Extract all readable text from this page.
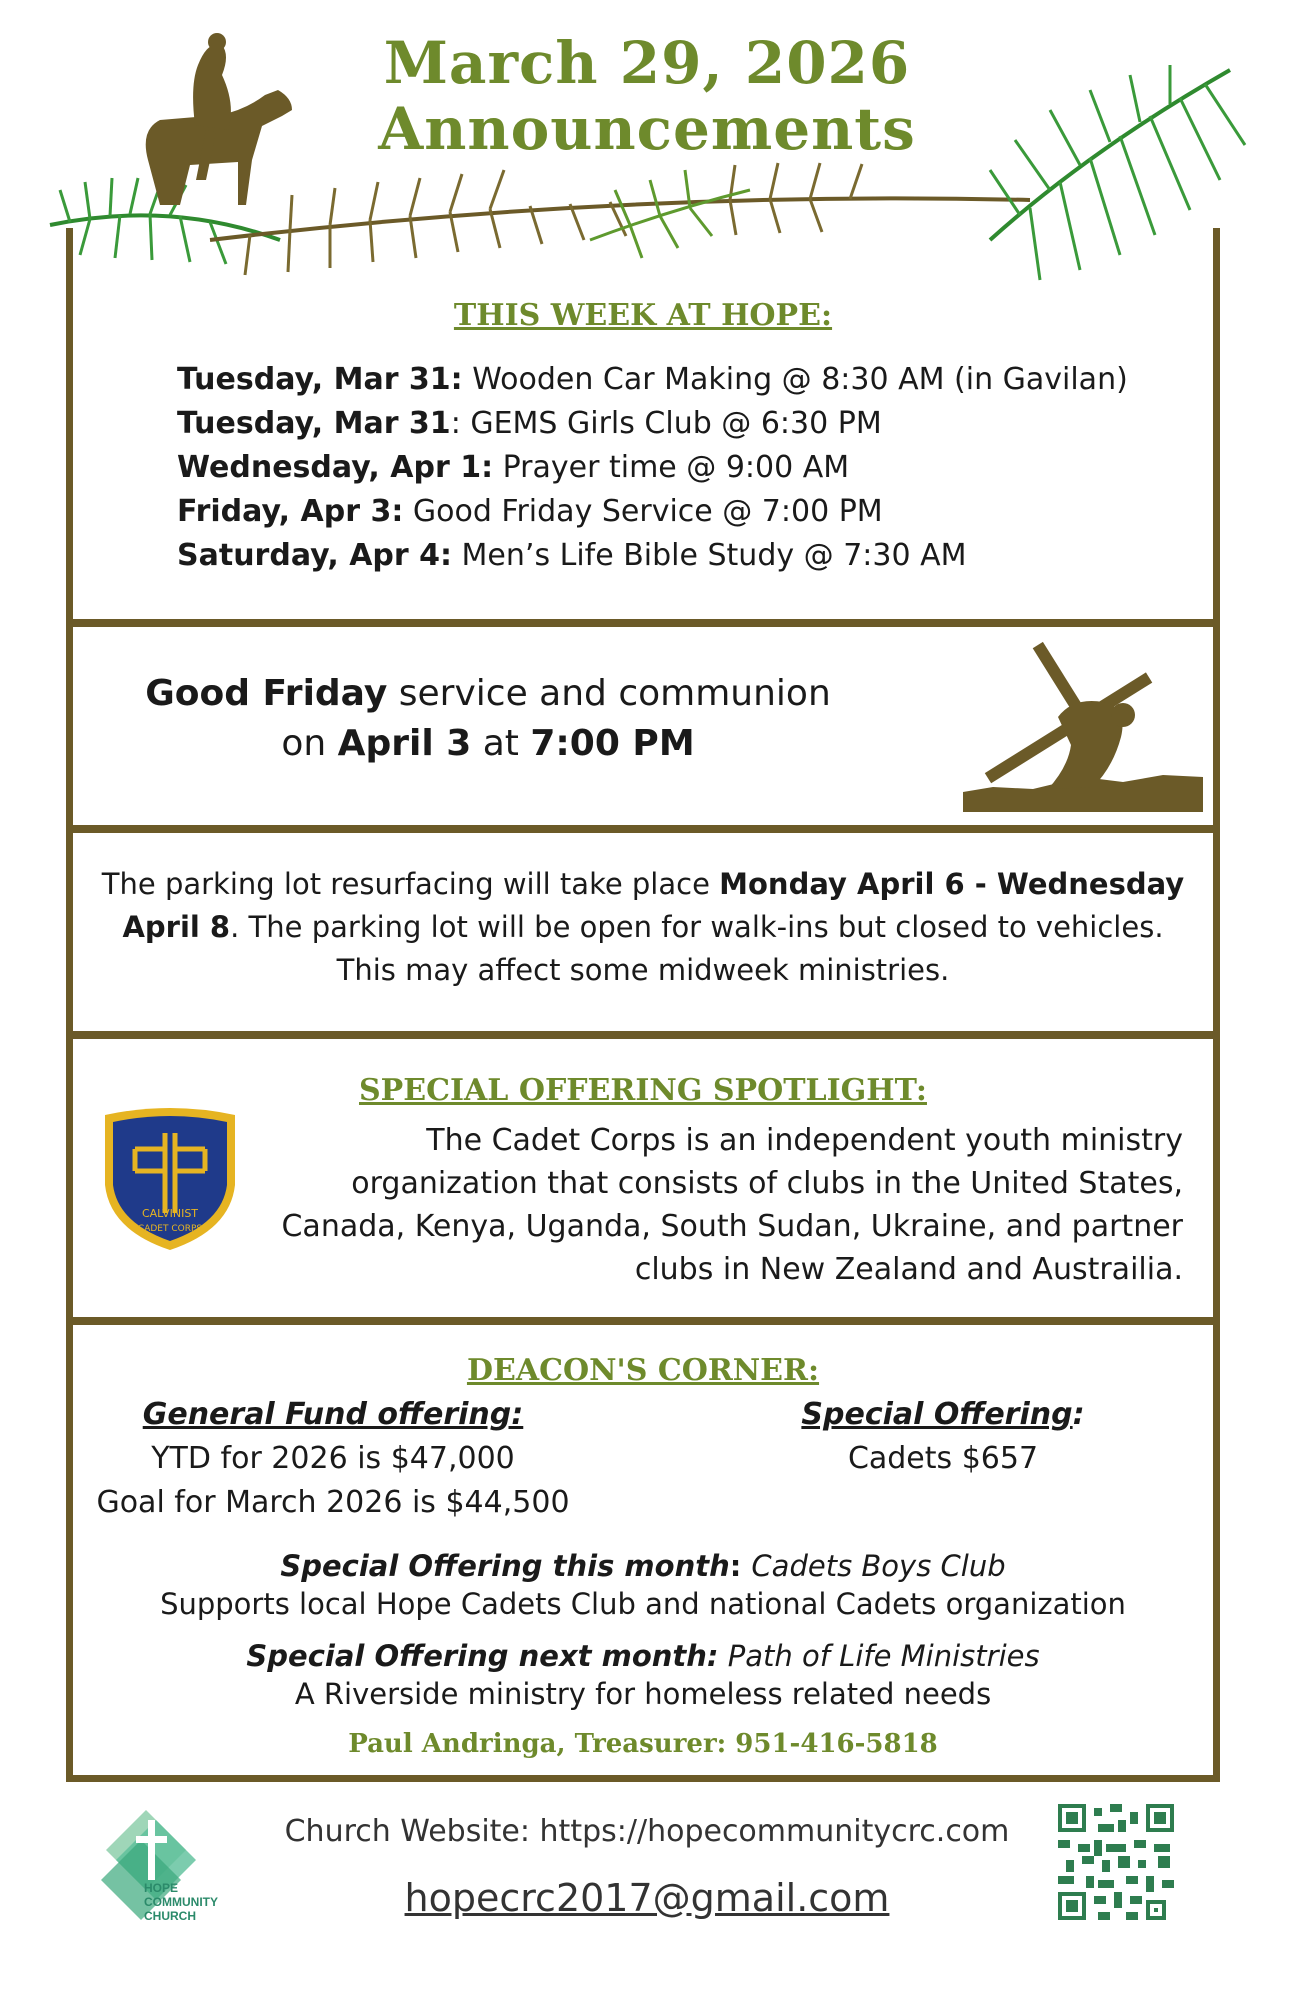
March 29, 2026
Announcements
THIS WEEK AT HOPE:
Tuesday, Mar 31: Wooden Car Making @ 8:30 AM (in Gavilan)
Tuesday, Mar 31: GEMS Girls Club @ 6:30 PM
Wednesday, Apr 1: Prayer time @ 9:00 AM
Friday, Apr 3: Good Friday Service @ 7:00 PM
Saturday, Apr 4: Men’s Life Bible Study @ 7:30 AM
Good Friday service and communion
on April 3 at 7:00 PM
The parking lot resurfacing will take place Monday April 6 - Wednesday April 8. The parking lot will be open for walk-ins but closed to vehicles. This may affect some midweek ministries.
SPECIAL OFFERING SPOTLIGHT:
CALVINIST
CADET CORPS
The Cadet Corps is an independent youth ministry organization that consists of clubs in the United States, Canada, Kenya, Uganda, South Sudan, Ukraine, and partner clubs in New Zealand and Austrailia.
DEACON'S CORNER:
General Fund offering:
YTD for 2026 is $47,000
Goal for March 2026 is $44,500
Special Offering:
Cadets $657
Special Offering this month: Cadets Boys Club
Supports local Hope Cadets Club and national Cadets organization
Special Offering next month: Path of Life Ministries
A Riverside ministry for homeless related needs
Paul Andringa, Treasurer: 951-416-5818
HOPE
COMMUNITY
CHURCH
Church Website: https://hopecommunitycrc.com
hopecrc2017@gmail.com
